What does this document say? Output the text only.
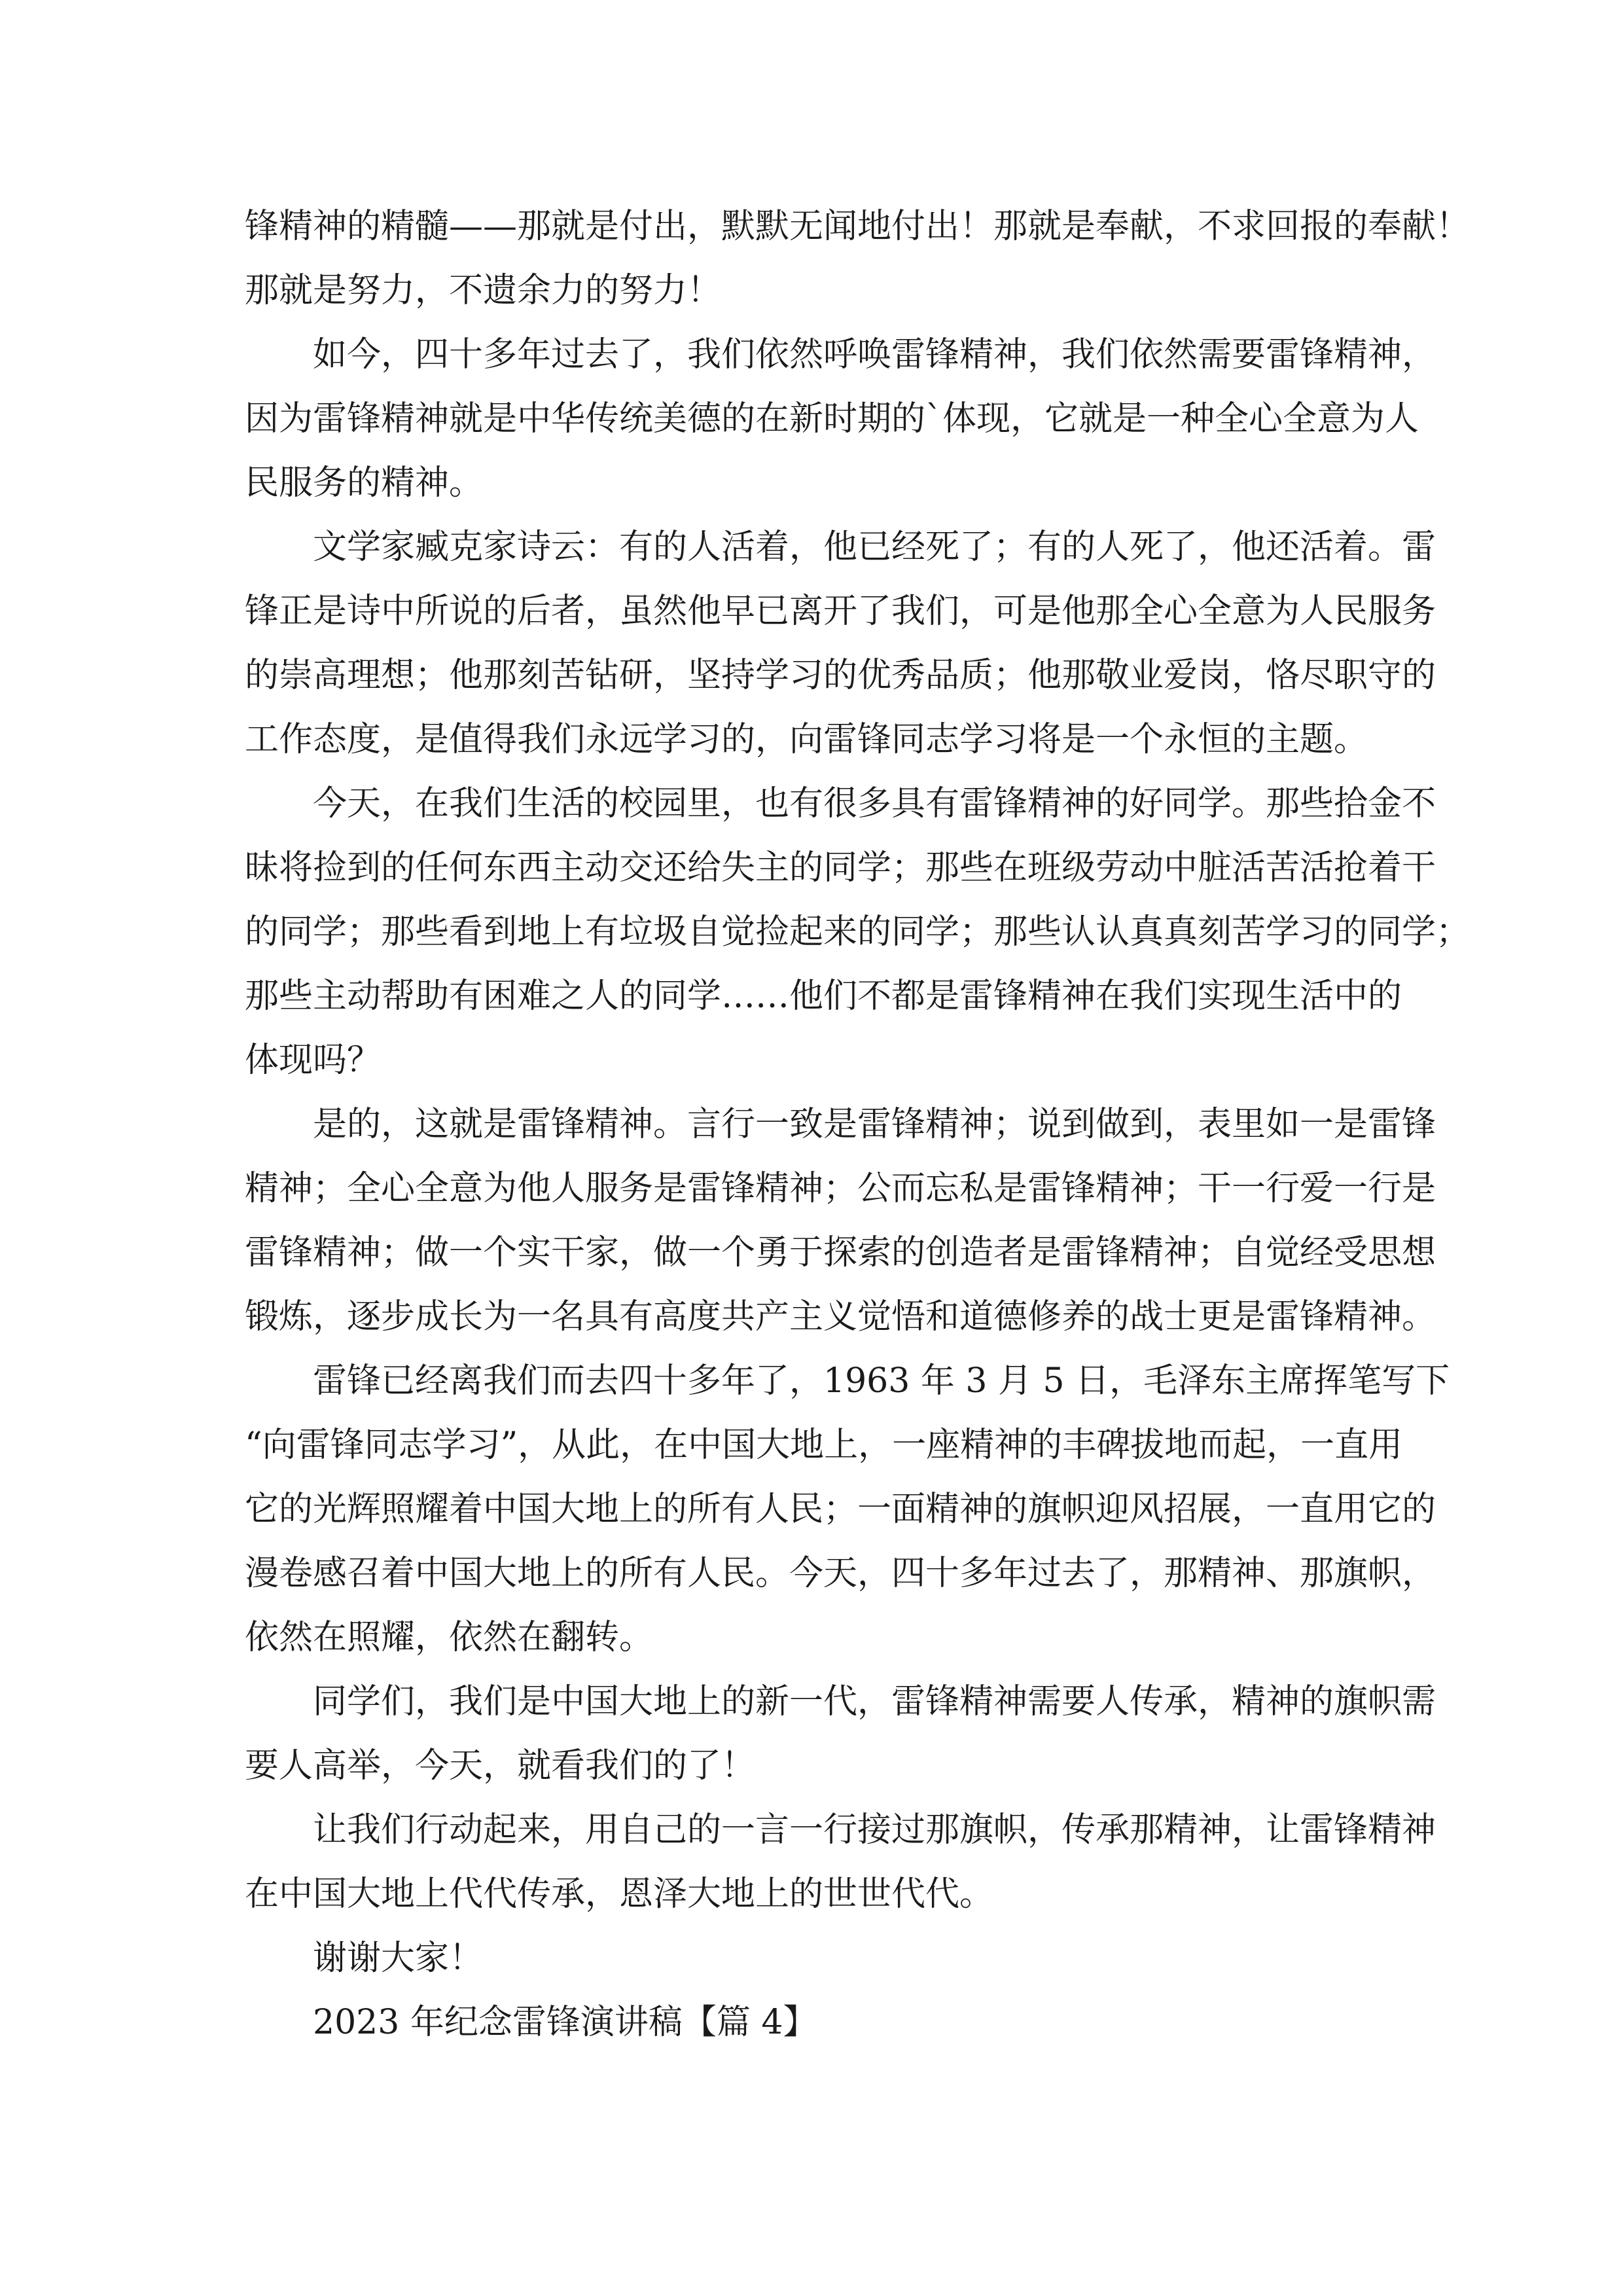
锋精神的精髓——那就是付出，默默无闻地付出！那就是奉献，不求回报的奉献！
那就是努力，不遗余力的努力！
如今，四十多年过去了，我们依然呼唤雷锋精神，我们依然需要雷锋精神，
因为雷锋精神就是中华传统美德的在新时期的`体现，它就是一种全心全意为人
民服务的精神。
文学家臧克家诗云：有的人活着，他已经死了；有的人死了，他还活着。雷
锋正是诗中所说的后者，虽然他早已离开了我们，可是他那全心全意为人民服务
的崇高理想；他那刻苦钻研，坚持学习的优秀品质；他那敬业爱岗，恪尽职守的
工作态度，是值得我们永远学习的，向雷锋同志学习将是一个永恒的主题。
今天，在我们生活的校园里，也有很多具有雷锋精神的好同学。那些拾金不
昧将捡到的任何东西主动交还给失主的同学；那些在班级劳动中脏活苦活抢着干
的同学；那些看到地上有垃圾自觉捡起来的同学；那些认认真真刻苦学习的同学；
那些主动帮助有困难之人的同学……他们不都是雷锋精神在我们实现生活中的
体现吗？
是的，这就是雷锋精神。言行一致是雷锋精神；说到做到，表里如一是雷锋
精神；全心全意为他人服务是雷锋精神；公而忘私是雷锋精神；干一行爱一行是
雷锋精神；做一个实干家，做一个勇于探索的创造者是雷锋精神；自觉经受思想
锻炼，逐步成长为一名具有高度共产主义觉悟和道德修养的战士更是雷锋精神。
雷锋已经离我们而去四十多年了，1963 年 3 月 5 日，毛泽东主席挥笔写下
“向雷锋同志学习”，从此，在中国大地上，一座精神的丰碑拔地而起，一直用
它的光辉照耀着中国大地上的所有人民；一面精神的旗帜迎风招展，一直用它的
漫卷感召着中国大地上的所有人民。今天，四十多年过去了，那精神、那旗帜，
依然在照耀，依然在翻转。
同学们，我们是中国大地上的新一代，雷锋精神需要人传承，精神的旗帜需
要人高举，今天，就看我们的了！
让我们行动起来，用自己的一言一行接过那旗帜，传承那精神，让雷锋精神
在中国大地上代代传承，恩泽大地上的世世代代。
谢谢大家！
2023 年纪念雷锋演讲稿【篇 4】
